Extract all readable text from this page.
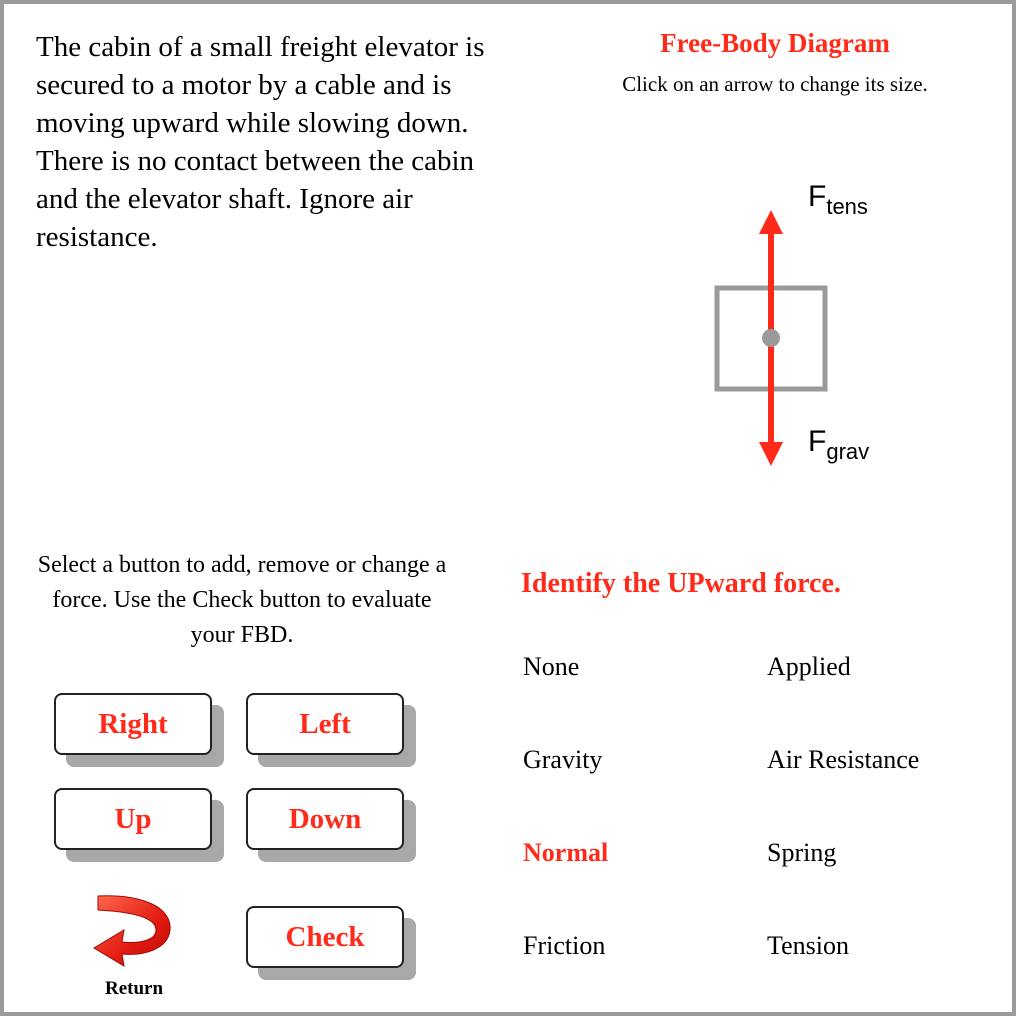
The cabin of a small freight elevator is secured to a motor by a cable and is moving upward while slowing down. There is no contact between the cabin and the elevator shaft. Ignore air resistance.
Free-Body Diagram
Click on an arrow to change its size.
$F_{tens}$
$F_{grav}$
Select a button to add, remove or change a force. Use the Check button to evaluate your FBD.
Right	Left
Up	Down
Check
Return
Identify the UPward force.
None	Applied
Gravity	Air Resistance
Normal	Spring
Friction	Tension
